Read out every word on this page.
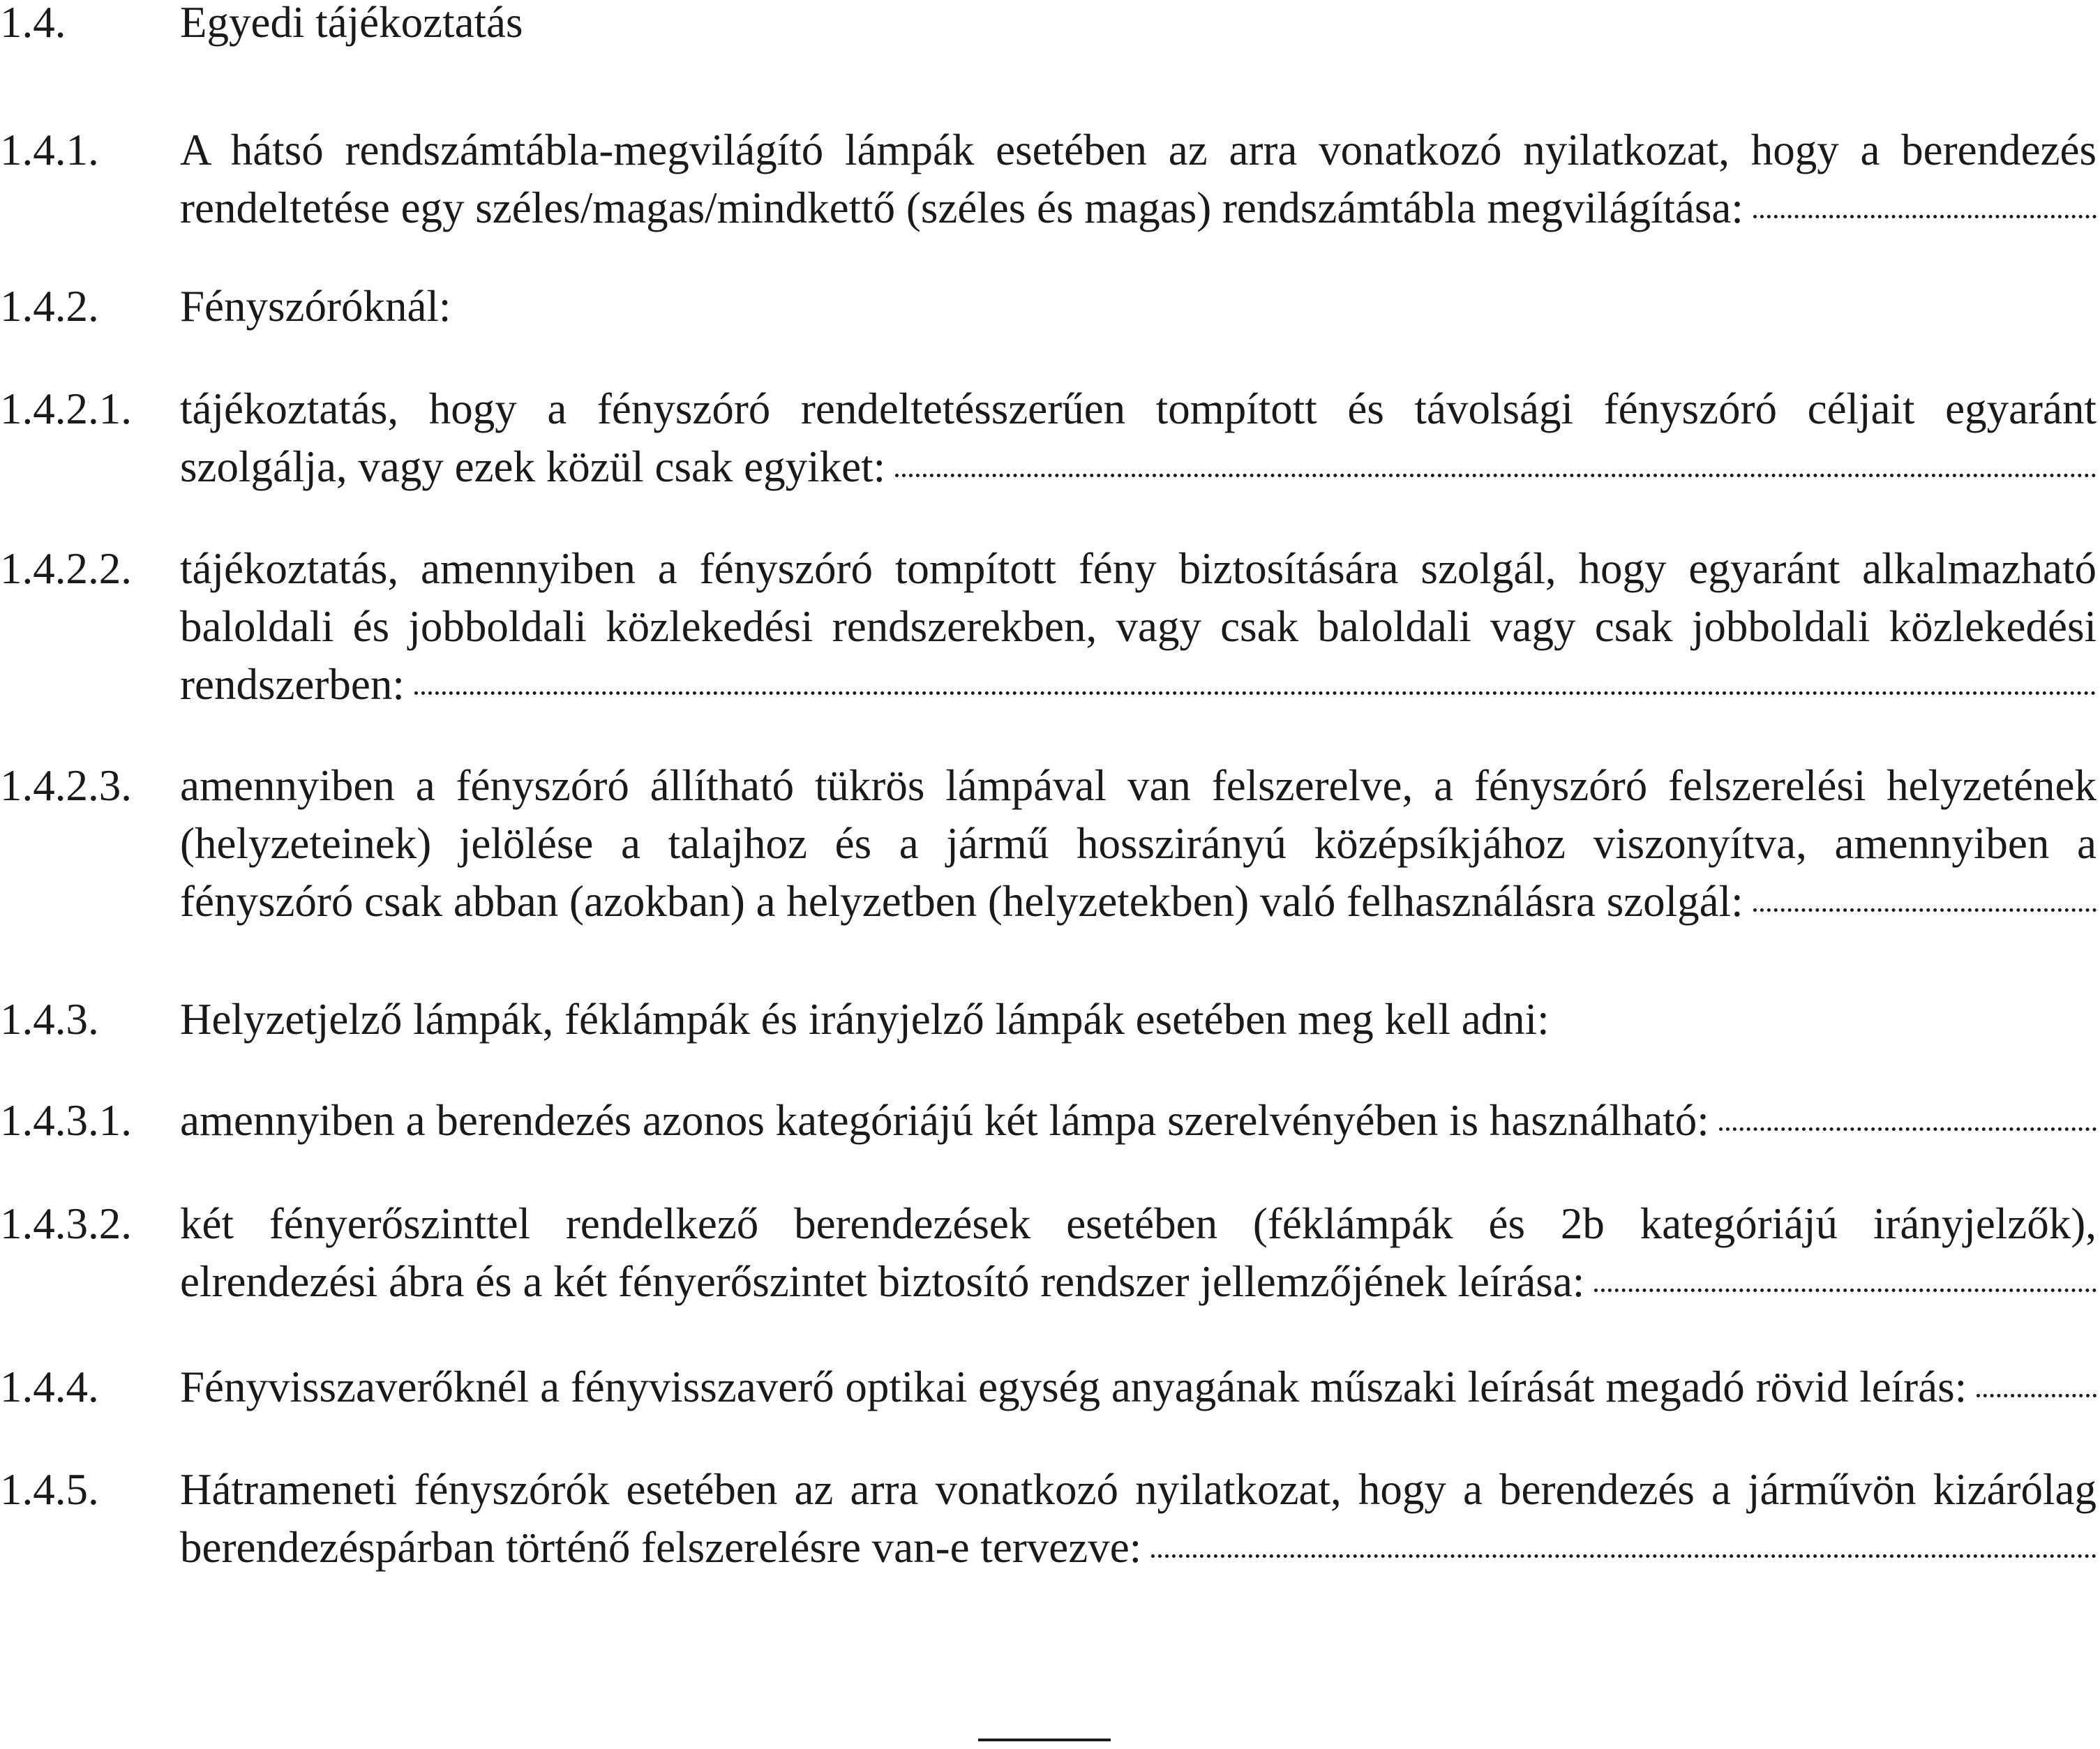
1.4.	Egyedi tájékoztatás
1.4.1.	A hátsó rendszámtábla-megvilágító lámpák esetében az arra vonatkozó nyilatkozat, hogy a berendezés
rendeltetése egy széles/magas/mindkettő (széles és magas) rendszámtábla megvilágítása:
1.4.2.	Fényszóróknál:
1.4.2.1.	tájékoztatás, hogy a fényszóró rendeltetésszerűen tompított és távolsági fényszóró céljait egyaránt
szolgálja, vagy ezek közül csak egyiket:
1.4.2.2.	tájékoztatás, amennyiben a fényszóró tompított fény biztosítására szolgál, hogy egyaránt alkalmazható
baloldali és jobboldali közlekedési rendszerekben, vagy csak baloldali vagy csak jobboldali közlekedési
rendszerben:
1.4.2.3.	amennyiben a fényszóró állítható tükrös lámpával van felszerelve, a fényszóró felszerelési helyzetének
(helyzeteinek) jelölése a talajhoz és a jármű hosszirányú középsíkjához viszonyítva, amennyiben a
fényszóró csak abban (azokban) a helyzetben (helyzetekben) való felhasználásra szolgál:
1.4.3.	Helyzetjelző lámpák, féklámpák és irányjelző lámpák esetében meg kell adni:
1.4.3.1.	amennyiben a berendezés azonos kategóriájú két lámpa szerelvényében is használható:
1.4.3.2.	két fényerőszinttel rendelkező berendezések esetében (féklámpák és 2b kategóriájú irányjelzők),
elrendezési ábra és a két fényerőszintet biztosító rendszer jellemzőjének leírása:
1.4.4.	Fényvisszaverőknél a fényvisszaverő optikai egység anyagának műszaki leírását megadó rövid leírás:
1.4.5.	Hátrameneti fényszórók esetében az arra vonatkozó nyilatkozat, hogy a berendezés a járművön kizárólag
berendezéspárban történő felszerelésre van-e tervezve:
